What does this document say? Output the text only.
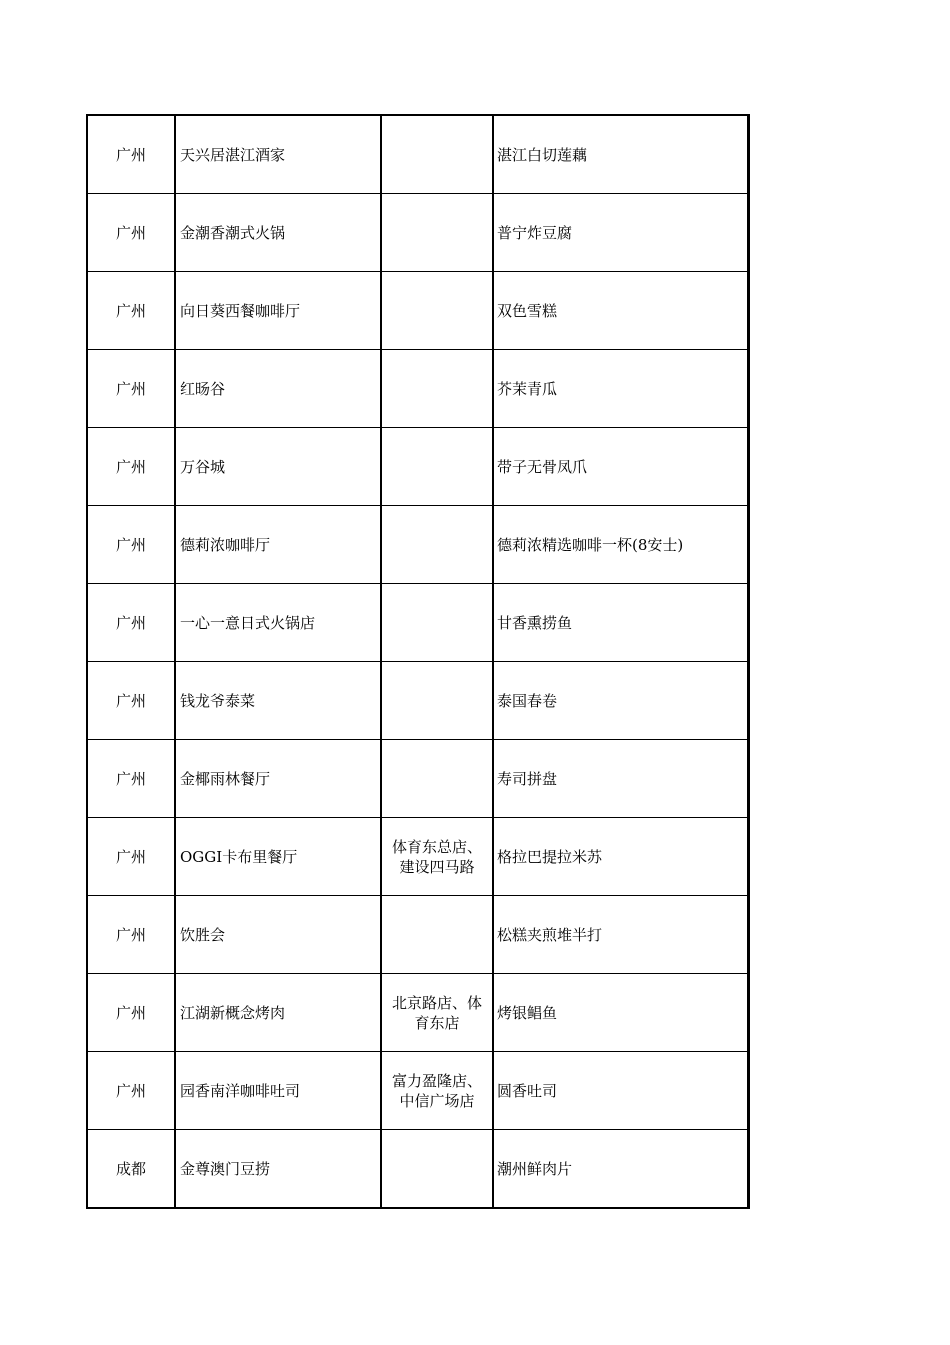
广州	天兴居湛江酒家		湛江白切莲藕
广州	金潮香潮式火锅		普宁炸豆腐
广州	向日葵西餐咖啡厅		双色雪糕
广州	红旸谷		芥茉青瓜
广州	万谷城		带子无骨凤爪
广州	德莉浓咖啡厅		德莉浓精选咖啡一杯(8安士)
广州	一心一意日式火锅店		甘香熏捞鱼
广州	钱龙爷泰菜		泰国春卷
广州	金椰雨林餐厅		寿司拼盘
广州	OGGI卡布里餐厅	体育东总店、建设四马路	格拉巴提拉米苏
广州	饮胜会		松糕夹煎堆半打
广州	江湖新概念烤肉	北京路店、体育东店	烤银鲳鱼
广州	园香南洋咖啡吐司	富力盈隆店、中信广场店	圆香吐司
成都	金尊澳门豆捞		潮州鲜肉片
